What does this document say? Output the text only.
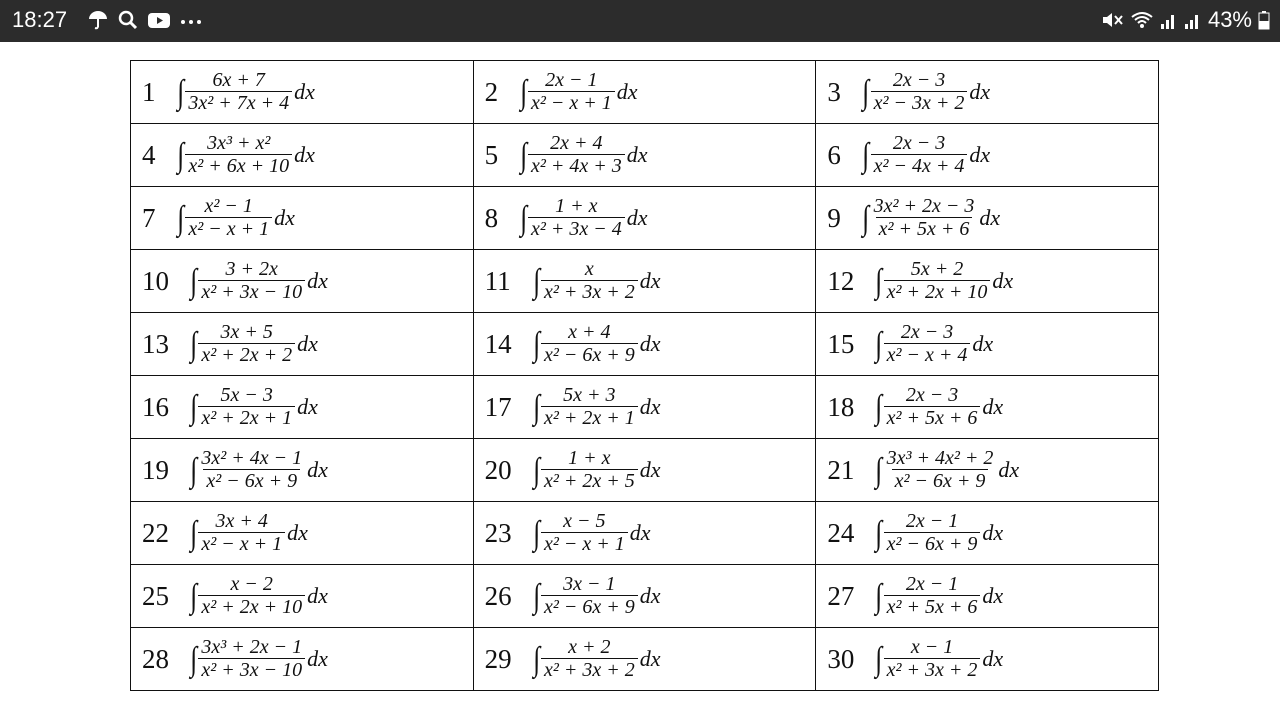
18:27	43%
1 ∫ $\frac{6x + 7}{\text{3x² + 7x + 4}}$ dx	2 ∫ $\frac{2x - 1}{\text{x² − x + 1}}$ dx	3 ∫ $\frac{2x - 3}{\text{x² − 3x + 2}}$ dx

4 ∫ $\frac{\text{3x³ + x²}}{\text{x² + 6x + 10}}$ dx	5 ∫ $\frac{2x + 4}{\text{x² + 4x + 3}}$ dx	6 ∫ $\frac{2x - 3}{\text{x² − 4x + 4}}$ dx

7 ∫ $\frac{\text{x² − 1}}{\text{x² − x + 1}}$ dx	8 ∫ $\frac{1 + x}{\text{x² + 3x − 4}}$ dx	9 ∫ $\frac{\text{3x² + 2x − 3}}{\text{x² + 5x + 6}}$ dx

10 ∫ $\frac{3 + 2x}{\text{x² + 3x − 10}}$ dx	11 ∫ $\frac{x}{\text{x² + 3x + 2}}$ dx	12 ∫ $\frac{5x + 2}{\text{x² + 2x + 10}}$ dx

13 ∫ $\frac{3x + 5}{\text{x² + 2x + 2}}$ dx	14 ∫ $\frac{x + 4}{\text{x² − 6x + 9}}$ dx	15 ∫ $\frac{2x - 3}{\text{x² − x + 4}}$ dx

16 ∫ $\frac{5x - 3}{\text{x² + 2x + 1}}$ dx	17 ∫ $\frac{5x + 3}{\text{x² + 2x + 1}}$ dx	18 ∫ $\frac{2x - 3}{\text{x² + 5x + 6}}$ dx

19 ∫ $\frac{\text{3x² + 4x − 1}}{\text{x² − 6x + 9}}$ dx	20 ∫ $\frac{1 + x}{\text{x² + 2x + 5}}$ dx	21 ∫ $\frac{\text{3x³ + 4x² + 2}}{\text{x² − 6x + 9}}$ dx

22 ∫ $\frac{3x + 4}{\text{x² − x + 1}}$ dx	23 ∫ $\frac{x - 5}{\text{x² − x + 1}}$ dx	24 ∫ $\frac{2x - 1}{\text{x² − 6x + 9}}$ dx

25 ∫ $\frac{x - 2}{\text{x² + 2x + 10}}$ dx	26 ∫ $\frac{3x - 1}{\text{x² − 6x + 9}}$ dx	27 ∫ $\frac{2x - 1}{\text{x² + 5x + 6}}$ dx

28 ∫ $\frac{\text{3x³ + 2x − 1}}{\text{x² + 3x − 10}}$ dx	29 ∫ $\frac{x + 2}{\text{x² + 3x + 2}}$ dx	30 ∫ $\frac{x - 1}{\text{x² + 3x + 2}}$ dx
